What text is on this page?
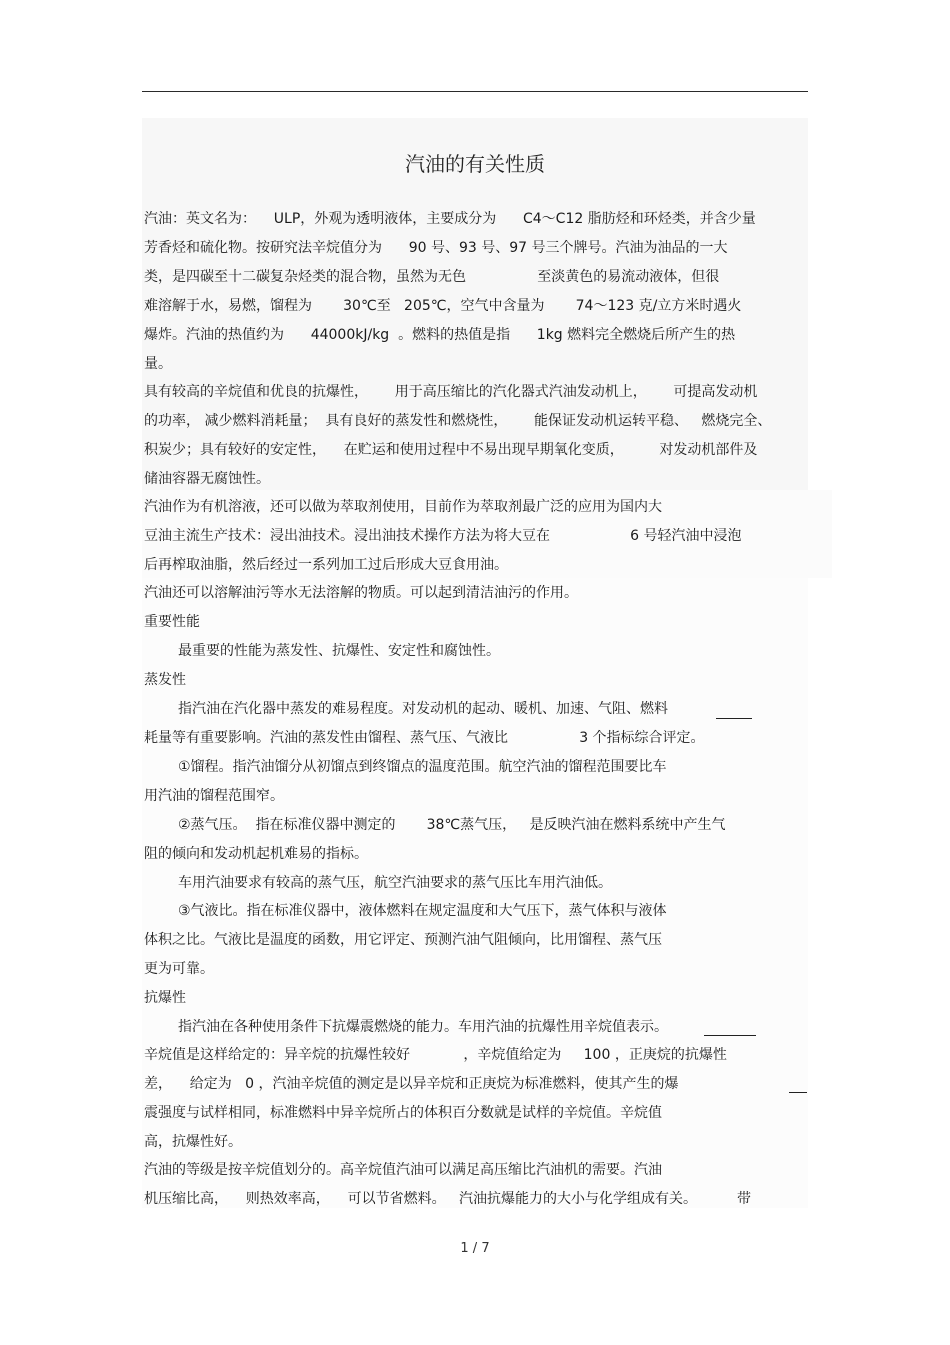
汽油的有关性质
汽油：英文名为：    ULP，外观为透明液体，主要成分为      C4～C12 脂肪烃和环烃类，并含少量
芳香烃和硫化物。按研究法辛烷值分为      90 号、93 号、97 号三个牌号。汽油为油品的一大
类，是四碳至十二碳复杂烃类的混合物，虽然为无色                至淡黄色的易流动液体，但很
难溶解于水，易燃，馏程为       30℃至   205℃，空气中含量为       74～123 克/立方米时遇火
爆炸。汽油的热值约为      44000kJ/kg  。燃料的热值是指      1kg 燃料完全燃烧后所产生的热
量。
具有较高的辛烷值和优良的抗爆性，      用于高压缩比的汽化器式汽油发动机上，      可提高发动机
的功率， 减少燃料消耗量；  具有良好的蒸发性和燃烧性，      能保证发动机运转平稳、   燃烧完全、
积炭少；具有较好的安定性，    在贮运和使用过程中不易出现早期氧化变质，        对发动机部件及
储油容器无腐蚀性。
汽油作为有机溶液，还可以做为萃取剂使用，目前作为萃取剂最广泛的应用为国内大
豆油主流生产技术：浸出油技术。浸出油技术操作方法为将大豆在                  6 号轻汽油中浸泡
后再榨取油脂，然后经过一系列加工过后形成大豆食用油。
汽油还可以溶解油污等水无法溶解的物质。可以起到清洁油污的作用。
重要性能
最重要的性能为蒸发性、抗爆性、安定性和腐蚀性。
蒸发性
指汽油在汽化器中蒸发的难易程度。对发动机的起动、暖机、加速、气阻、燃料
耗量等有重要影响。汽油的蒸发性由馏程、蒸气压、气液比                3 个指标综合评定。
①馏程。指汽油馏分从初馏点到终馏点的温度范围。航空汽油的馏程范围要比车
用汽油的馏程范围窄。
②蒸气压。  指在标准仪器中测定的       38℃蒸气压，   是反映汽油在燃料系统中产生气
阻的倾向和发动机起机难易的指标。
车用汽油要求有较高的蒸气压，航空汽油要求的蒸气压比车用汽油低。
③气液比。指在标准仪器中，液体燃料在规定温度和大气压下，蒸气体积与液体
体积之比。气液比是温度的函数，用它评定、预测汽油气阻倾向，比用馏程、蒸气压
更为可靠。
抗爆性
指汽油在各种使用条件下抗爆震燃烧的能力。车用汽油的抗爆性用辛烷值表示。
辛烷值是这样给定的：异辛烷的抗爆性较好            ，辛烷值给定为     100 ，正庚烷的抗爆性
差，    给定为   0 ，汽油辛烷值的测定是以异辛烷和正庚烷为标准燃料，使其产生的爆
震强度与试样相同，标准燃料中异辛烷所占的体积百分数就是试样的辛烷值。辛烷值
高，抗爆性好。
汽油的等级是按辛烷值划分的。高辛烷值汽油可以满足高压缩比汽油机的需要。汽油
机压缩比高，    则热效率高，    可以节省燃料。   汽油抗爆能力的大小与化学组成有关。         带
1 / 7
